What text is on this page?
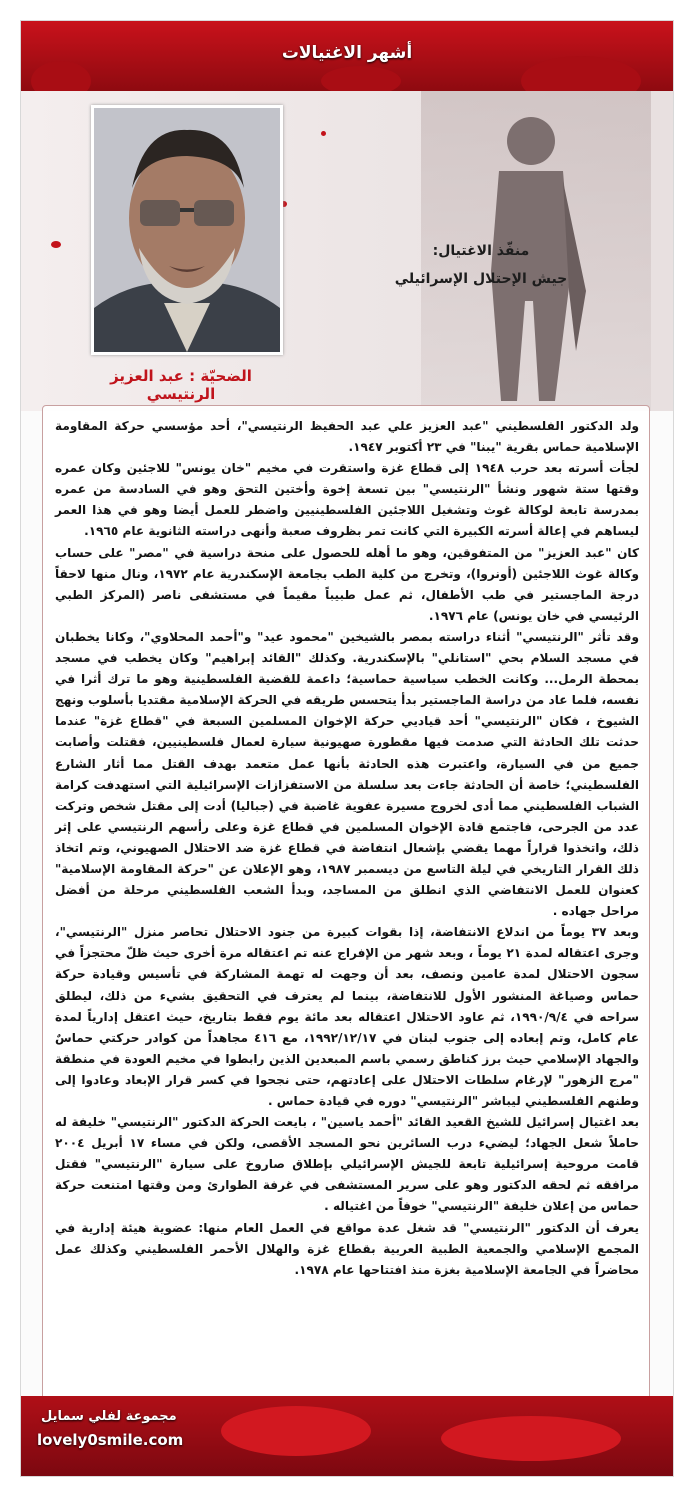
أشهر الاغتيالات
الضحيّة : عبد العزيز الرنتيسي
منفّذ الاغتيال:
جيش الإحتلال الإسرائيلي

ولد الدكتور الفلسطيني "عبد العزيز علي عبد الحفيظ الرنتيسي"، أحد مؤسسي حركة المقاومة الإسلامية حماس بقرية "يبنا" في ٢٣ أكتوبر ١٩٤٧.

لجأت أسرته بعد حرب ١٩٤٨ إلى قطاع غزة واستقرت في مخيم "خان يونس" للاجئين وكان عمره وقتها ستة شهور ونشأ "الرنتيسي" بين تسعة إخوة وأختين التحق وهو في السادسة من عمره بمدرسة تابعة لوكالة غوث وتشغيل اللاجئين الفلسطينيين واضطر للعمل أيضا وهو في هذا العمر ليساهم في إعالة أسرته الكبيرة التي كانت تمر بظروف صعبة وأنهى دراسته الثانوية عام ١٩٦٥.

كان "عبد العزيز" من المتفوقين، وهو ما أهله للحصول على منحة دراسية في "مصر" على حساب وكالة غوث اللاجئين (أونروا)، وتخرج من كلية الطب بجامعة الإسكندرية عام ١٩٧٢، ونال منها لاحقاً درجة الماجستير في طب الأطفال، ثم عمل طبيباً مقيماً في مستشفى ناصر (المركز الطبي الرئيسي في خان يونس) عام ١٩٧٦.

وقد تأثر "الرنتيسي" أثناء دراسته بمصر بالشيخين "محمود عيد" و"أحمد المحلاوي"، وكانا يخطبان في مسجد السلام بحي "استانلي" بالإسكندرية. وكذلك "القائد إبراهيم" وكان يخطب في مسجد بمحطة الرمل... وكانت الخطب سياسية حماسية؛ داعمة للقضية الفلسطينية وهو ما ترك أثرا في نفسه، فلما عاد من دراسة الماجستير بدأ يتحسس طريقه في الحركة الإسلامية مقتديا بأسلوب ونهج الشيوخ ، فكان "الرنتيسي" أحد قياديي حركة الإخوان المسلمين السبعة في "قطاع غزة" عندما حدثت تلك الحادثة التي صدمت فيها مقطورة صهيونية سيارة لعمال فلسطينيين، فقتلت وأصابت جميع من في السيارة، واعتبرت هذه الحادثة بأنها عمل متعمد بهدف القتل مما أثار الشارع الفلسطيني؛ خاصة أن الحادثة جاءت بعد سلسلة من الاستفزازات الإسرائيلية التي استهدفت كرامة الشباب الفلسطيني مما أدى لخروج مسيرة عفوية غاضبة في (جباليا) أدت إلى مقتل شخص وتركت عدد من الجرحى، فاجتمع قادة الإخوان المسلمين في قطاع غزة وعلى رأسهم الرنتيسي على إثر ذلك، واتخذوا قراراً مهما يقضي بإشعال انتفاضة في قطاع غزة ضد الاحتلال الصهيوني، وتم اتخاذ ذلك القرار التاريخي في ليلة التاسع من ديسمبر ١٩٨٧، وهو الإعلان عن "حركة المقاومة الإسلامية" كعنوان للعمل الانتفاضي الذي انطلق من المساجد، وبدأ الشعب الفلسطيني مرحلة من أفضل مراحل جهاده .

وبعد ٣٧ يوماً من اندلاع الانتفاضة، إذا بقوات كبيرة من جنود الاحتلال تحاصر منزل "الرنتيسي"، وجرى اعتقاله لمدة ٢١ يوماً ، وبعد شهر من الإفراج عنه تم اعتقاله مرة أخرى حيث ظلّ محتجزاً في سجون الاحتلال لمدة عامين ونصف، بعد أن وجهت له تهمة المشاركة في تأسيس وقيادة حركة حماس وصياغة المنشور الأول للانتفاضة، بينما لم يعترف في التحقيق بشيء من ذلك، ليطلق سراحه في ١٩٩٠/٩/٤، ثم عاود الاحتلال اعتقاله بعد مائة يوم فقط بتاريخ، حيث اعتقل إدارياً لمدة عام كامل، وتم إبعاده إلى جنوب لبنان في ١٩٩٢/١٢/١٧، مع ٤١٦ مجاهداً من كوادر حركتي حماسٌ والجهاد الإسلامي حيث برز كناطق رسمي باسم المبعدين الذين رابطوا في مخيم العودة في منطقة "مرج الزهور" لإرغام سلطات الاحتلال على إعادتهم، حتى نجحوا في كسر قرار الإبعاد وعادوا إلى وطنهم الفلسطيني ليباشر "الرنتيسي" دوره في قيادة حماس .

بعد اغتيال إسرائيل للشيخ القعيد القائد "أحمد ياسين" ، بايعت الحركة الدكتور "الرنتيسي" خليفة له حاملاً شعل الجهاد؛ ليضيء درب السائرين نحو المسجد الأقصى، ولكن في مساء ١٧ أبريل ٢٠٠٤ قامت مروحية إسرائيلية تابعة للجيش الإسرائيلي بإطلاق صاروخ على سيارة "الرنتيسي" فقتل مرافقه ثم لحقه الدكتور وهو على سرير المستشفى في غرفة الطوارئ ومن وقتها امتنعت حركة حماس من إعلان خليفة "الرنتيسي" خوفاً من اغتياله .

يعرف أن الدكتور "الرنتيسي" قد شغل عدة مواقع في العمل العام منها: عضوية هيئة إدارية في المجمع الإسلامي والجمعية الطبية العربية بقطاع غزة والهلال الأحمر الفلسطيني وكذلك عمل محاضراً في الجامعة الإسلامية بغزة منذ افتتاحها عام ١٩٧٨.

مجموعة لفلي سمايل
lovely0smile.com
